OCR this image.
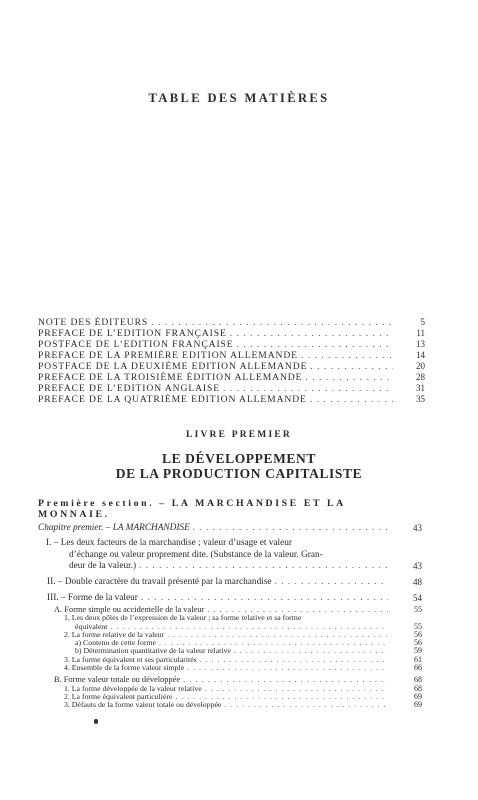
TABLE DES MATIÈRES
NOTE DES ÉDITEURS . . .	5
PREFACE DE L’EDITION FRANÇAISE . . .	11
POSTFACE DE L’EDITION FRANÇAISE . . .	13
PREFACE DE LA PREMIÈRE EDITION ALLEMANDE . . .	14
POSTFACE DE LA DEUXIÈME EDITION ALLEMANDE . . .	20
PREFACE DE LA TROISIÈME ÉDITION ALLEMANDE . . .	28
PREFACE DE L’EDITION ANGLAISE . . .	31
PREFACE DE LA QUATRIÈME EDITION ALLEMANDE . . .	35
LIVRE PREMIER
LE DÉVELOPPEMENT
DE LA PRODUCTION CAPITALISTE
Première section. – LA MARCHANDISE ET LA
MONNAIE.
Chapitre premier. – LA MARCHANDISE . . .	43
I. – Les deux facteurs de la marchandise ; valeur d’usage et valeur
d’échange ou valeur proprement dite. (Substance de la valeur. Gran-
deur de la valeur.) . . .	43
II. – Double caractère du travail présenté par la marchandise . . .	48
III. – Forme de la valeur . . .	54
A. Forme simple ou accidentelle de la valeur . . .	55
1. Les deux pôles de l’expression de la valeur ; sa forme relative et sa forme
équivalent . . .	55
2. La forme relative de la valeur . . .	56
a) Contenu de cette forme . . .	56
b) Détermination quantitative de la valeur relative . . .	59
3. La forme équivalent et ses particularités . . .	61
4. Ensemble de la forme valeur simple . . .	66
B. Forme valeur totale ou développée . . .	68
1. La forme développée de la valeur relative . . .	68
2. La forme équivalent particulière . . .	69
3. Défauts de la forme valeur totale ou développée . . .	69
